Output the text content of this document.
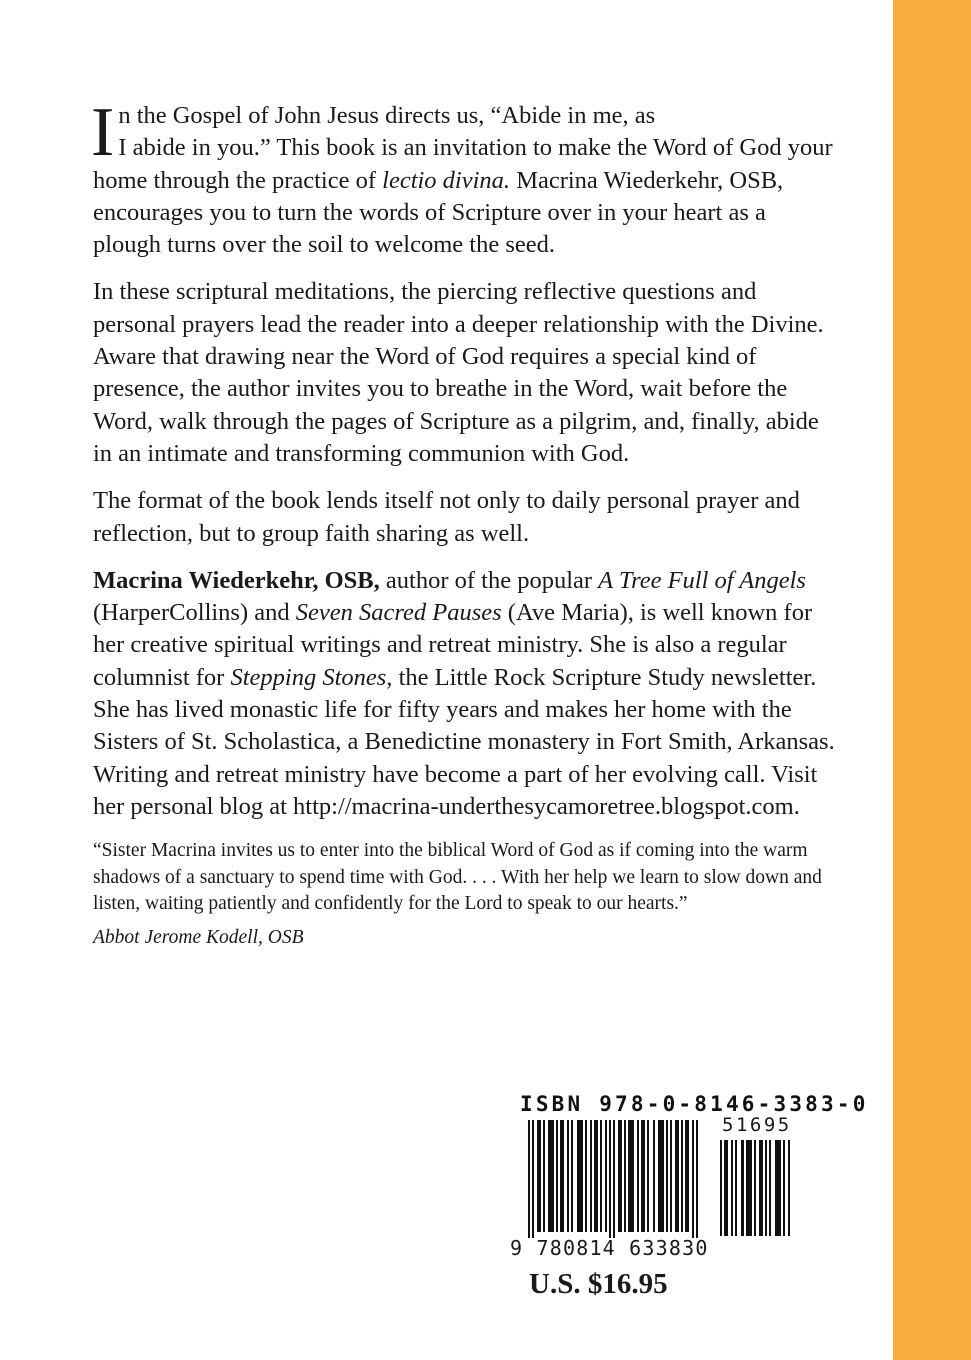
In the Gospel of John Jesus directs us, “Abide in me, as
I abide in you.” This book is an invitation to make the Word of God your home through the practice of lectio divina. Macrina Wiederkehr, OSB, encourages you to turn the words of Scripture over in your heart as a plough turns over the soil to welcome the seed.

In these scriptural meditations, the piercing reflective questions and personal prayers lead the reader into a deeper relationship with the Divine. Aware that drawing near the Word of God requires a special kind of presence, the author invites you to breathe in the Word, wait before the Word, walk through the pages of Scripture as a pilgrim, and, finally, abide in an intimate and transforming communion with God.

The format of the book lends itself not only to daily personal prayer and reflection, but to group faith sharing as well.

Macrina Wiederkehr, OSB, author of the popular A Tree Full of Angels (HarperCollins) and Seven Sacred Pauses (Ave Maria), is well known for her creative spiritual writings and retreat ministry. She is also a regular columnist for Stepping Stones, the Little Rock Scripture Study newsletter. She has lived monastic life for fifty years and makes her home with the Sisters of St. Scholastica, a Benedictine monastery in Fort Smith, Arkansas. Writing and retreat ministry have become a part of her evolving call. Visit her personal blog at http://macrina-underthesycamoretree.blogspot.com.

“Sister Macrina invites us to enter into the biblical Word of God as if coming into the warm shadows of a sanctuary to spend time with God. . . . With her help we learn to slow down and listen, waiting patiently and confidently for the Lord to speak to our hearts.”

Abbot Jerome Kodell, OSB
ISBN 978-0-8146-3383-0
51695
9 780814 633830
U.S. $16.95
